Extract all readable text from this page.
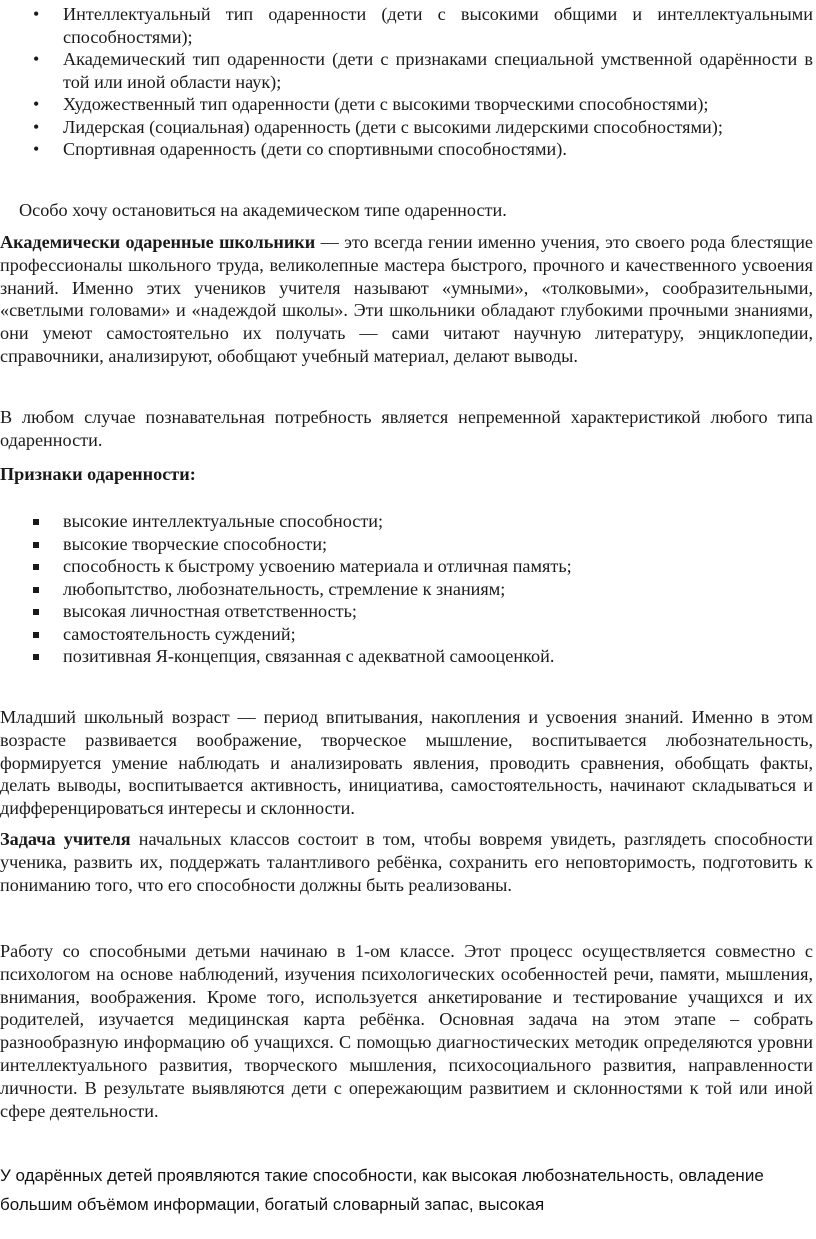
•
Интеллектуальный тип одаренности (дети с высокими общими и интеллектуальными способностями);
•
Академический тип одаренности (дети с признаками специальной умственной одарённости в той или иной области наук);
•
Художественный тип одаренности (дети с высокими творческими способностями);
•
Лидерская (социальная) одаренность (дети с высокими лидерскими способностями);
•
Спортивная одаренность (дети со спортивными способностями).

Особо хочу остановиться на академическом типе одаренности.

Академически одаренные школьники — это всегда гении именно учения, это своего рода блестящие профессионалы школьного труда, великолепные мастера быстрого, прочного и качественного усвоения знаний. Именно этих учеников учителя называют «умными», «толковыми», сообразительными, «светлыми головами» и «надеждой школы». Эти школьники обладают глубокими прочными знаниями, они умеют самостоятельно их получать — сами читают научную литературу, энциклопедии, справочники, анализируют, обобщают учебный материал, делают выводы.

В любом случае познавательная потребность является непременной характеристикой любого типа одаренности.

Признаки одаренности:

высокие интеллектуальные способности;
высокие творческие способности;
способность к быстрому усвоению материала и отличная память;
любопытство, любознательность, стремление к знаниям;
высокая личностная ответственность;
самостоятельность суждений;
позитивная Я-концепция, связанная с адекватной самооценкой.

Младший школьный возраст — период впитывания, накопления и усвоения знаний. Именно в этом возрасте развивается воображение, творческое мышление, воспитывается любознательность, формируется умение наблюдать и анализировать явления, проводить сравнения, обобщать факты, делать выводы, воспитывается активность, инициатива, самостоятельность, начинают складываться и дифференцироваться интересы и склонности.

Задача учителя начальных классов состоит в том, чтобы вовремя увидеть, разглядеть способности ученика, развить их, поддержать талантливого ребёнка, сохранить его неповторимость, подготовить к пониманию того, что его способности должны быть реализованы.

Работу со способными детьми начинаю в 1-ом классе. Этот процесс осуществляется совместно с психологом на основе наблюдений, изучения психологических особенностей речи, памяти, мышления, внимания, воображения. Кроме того, используется анкетирование и тестирование учащихся и их родителей, изучается медицинская карта ребёнка. Основная задача на этом этапе – собрать разнообразную информацию об учащихся. С помощью диагностических методик определяются уровни интеллектуального развития, творческого мышления, психосоциального развития, направленности личности. В результате выявляются дети с опережающим развитием и склонностями к той или иной сфере деятельности.

У одарённых детей проявляются такие способности, как высокая любознательность, овладение большим объёмом информации, богатый словарный запас, высокая
